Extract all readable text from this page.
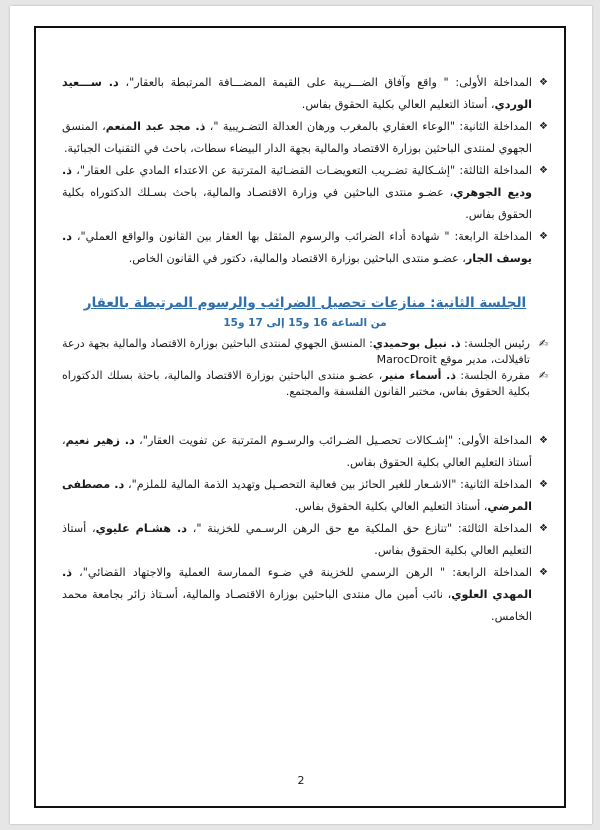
❖
المداخلة الأولى: " واقع وآفاق الضـــريبة على القيمة المضـــافة المرتبطة بالعقار"، د. ســـعيد الوردي، أستاذ التعليم العالي بكلية الحقوق بفاس.

❖
المداخلة الثانية: "الوعاء العقاري بالمغرب ورهان العدالة التضـريبية "، ذ. مجد عبد المنعم، المنسق الجهوي لمنتدى الباحثين بوزارة الاقتصاد والمالية بجهة الدار البيضاء سطات، باحث في التقنيات الجبائية.

❖
المداخلة الثالثة: "إشـكالية تضـريب التعويضـات القضـائية المترتبة عن الاعتداء المادي على العقار"، ذ. وديع الجوهري، عضـو منتدى الباحثين في وزارة الاقتصـاد والمالية، باحث بسـلك الدكتوراه بكلية الحقوق بفاس.

❖
المداخلة الرابعة: " شهادة أداء الضرائب والرسوم المثقل بها العقار بين القانون والواقع العملي"، د. يوسف الجار، عضـو منتدى الباحثين بوزارة الاقتصاد والمالية، دكتور في القانون الخاص.

الجلسة الثانية: منازعات تحصيل الضرائب والرسوم المرتبطة بالعقار
من الساعة 16 و15 إلى 17 و15

✍
رئيس الجلسة: ذ. نبيل بوحميدي: المنسق الجهوي لمنتدى الباحثين بوزارة الاقتصاد والمالية بجهة درعة تافيلالت، مدير موقع MarocDroit

✍
مقررة الجلسة: ذ. أسماء منير، عضـو منتدى الباحثين بوزارة الاقتصاد والمالية، باحثة بسلك الدكتوراه بكلية الحقوق بفاس، مختبر القانون الفلسفة والمجتمع.

❖
المداخلة الأولى: "إشـكالات تحصـيل الضـرائب والرسـوم المترتبة عن تفويت العقار"، د. زهير نعيم، أستاذ التعليم العالي بكلية الحقوق بفاس.

❖
المداخلة الثانية: "الاشـعار للغير الحائز بين فعالية التحصـيل وتهديد الذمة المالية للملزم"، د. مصطفى المرضي، أستاذ التعليم العالي بكلية الحقوق بفاس.

❖
المداخلة الثالثة: "تنازع حق الملكية مع حق الرهن الرسـمي للخزينة "، د. هشـام عليوي، أستاذ التعليم العالي بكلية الحقوق بفاس.

❖
المداخلة الرابعة: " الرهن الرسمي للخزينة في ضـوء الممارسة العملية والاجتهاد القضائي"، ذ. المهدي العلوي، نائب أمين مال منتدى الباحثين بوزارة الاقتصـاد والمالية، أسـتاذ زائر بجامعة محمد الخامس.

2
